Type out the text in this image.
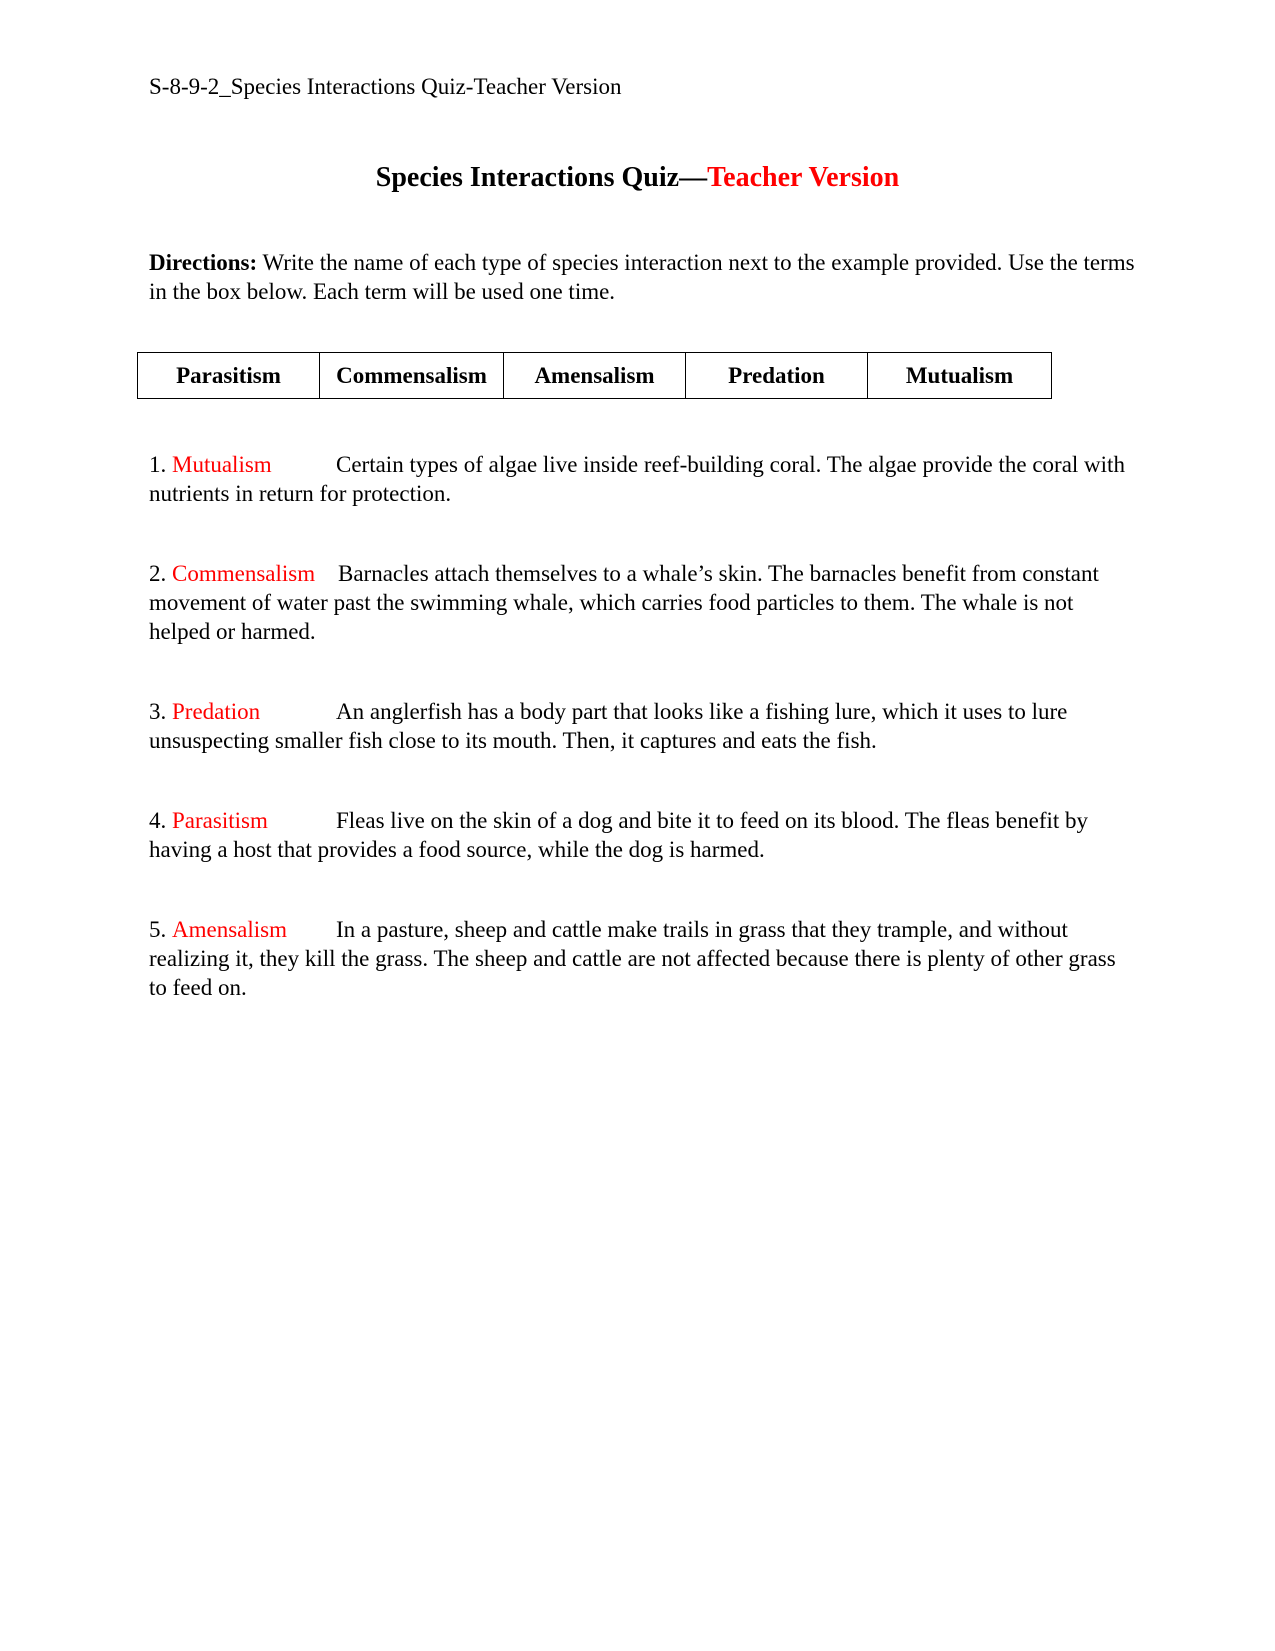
S-8-9-2_Species Interactions Quiz-Teacher Version
Species Interactions Quiz—Teacher Version
Directions: Write the name of each type of species interaction next to the example provided. Use the terms in the box below. Each term will be used one time.
Parasitism	Commensalism	Amensalism	Predation	Mutualism
1. Mutualism	Certain types of algae live inside reef-building coral. The algae provide the coral with nutrients in return for protection.
2. Commensalism Barnacles attach themselves to a whale’s skin. The barnacles benefit from constant movement of water past the swimming whale, which carries food particles to them. The whale is not helped or harmed.
3. Predation	An anglerfish has a body part that looks like a fishing lure, which it uses to lure unsuspecting smaller fish close to its mouth. Then, it captures and eats the fish.
4. Parasitism	Fleas live on the skin of a dog and bite it to feed on its blood. The fleas benefit by having a host that provides a food source, while the dog is harmed.
5. Amensalism In a pasture, sheep and cattle make trails in grass that they trample, and without realizing it, they kill the grass. The sheep and cattle are not affected because there is plenty of other grass to feed on.
